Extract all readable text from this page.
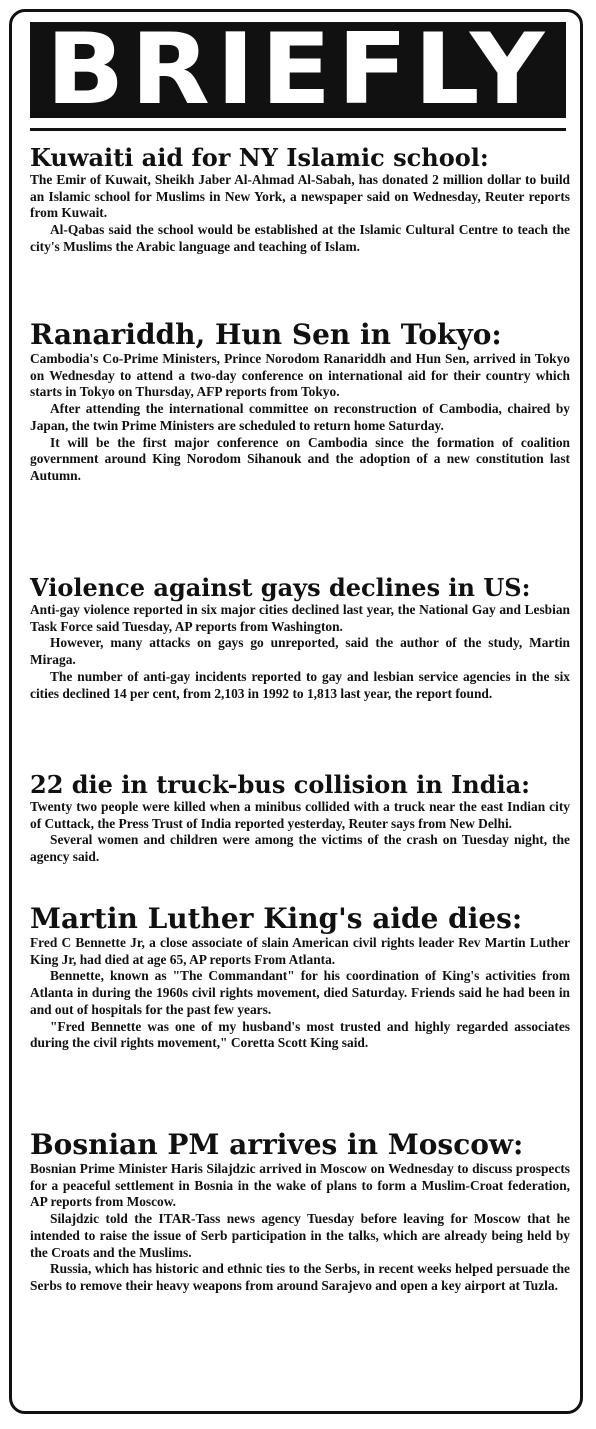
BRIEFLY
Kuwaiti aid for NY Islamic school:

The Emir of Kuwait, Sheikh Jaber Al-Ahmad Al-Sabah, has donated 2 million dollar to build an Islamic school for Muslims in New York, a newspaper said on Wednesday, Reuter reports from Kuwait.

Al-Qabas said the school would be established at the Islamic Cultural Centre to teach the city's Muslims the Arabic language and teaching of Islam.

Ranariddh, Hun Sen in Tokyo:

Cambodia's Co-Prime Ministers, Prince Norodom Ranariddh and Hun Sen, arrived in Tokyo on Wednesday to attend a two-day conference on international aid for their country which starts in Tokyo on Thursday, AFP reports from Tokyo.

After attending the international committee on reconstruction of Cambodia, chaired by Japan, the twin Prime Ministers are scheduled to return home Saturday.

It will be the first major conference on Cambodia since the formation of coalition government around King Norodom Sihanouk and the adoption of a new constitution last Autumn.

Violence against gays declines in US:

Anti-gay violence reported in six major cities declined last year, the National Gay and Lesbian Task Force said Tuesday, AP reports from Washington.

However, many attacks on gays go unreported, said the author of the study, Martin Miraga.

The number of anti-gay incidents reported to gay and lesbian service agencies in the six cities declined 14 per cent, from 2,103 in 1992 to 1,813 last year, the report found.

22 die in truck-bus collision in India:

Twenty two people were killed when a minibus collided with a truck near the east Indian city of Cuttack, the Press Trust of India reported yesterday, Reuter says from New Delhi.

Several women and children were among the victims of the crash on Tuesday night, the agency said.

Martin Luther King's aide dies:

Fred C Bennette Jr, a close associate of slain American civil rights leader Rev Martin Luther King Jr, had died at age 65, AP reports From Atlanta.

Bennette, known as "The Commandant" for his coordination of King's activities from Atlanta in during the 1960s civil rights movement, died Saturday. Friends said he had been in and out of hospitals for the past few years.

"Fred Bennette was one of my husband's most trusted and highly regarded associates during the civil rights movement," Coretta Scott King said.

Bosnian PM arrives in Moscow:

Bosnian Prime Minister Haris Silajdzic arrived in Moscow on Wednesday to discuss prospects for a peaceful settlement in Bosnia in the wake of plans to form a Muslim-Croat federation, AP reports from Moscow.

Silajdzic told the ITAR-Tass news agency Tuesday before leaving for Moscow that he intended to raise the issue of Serb participation in the talks, which are already being held by the Croats and the Muslims.

Russia, which has historic and ethnic ties to the Serbs, in recent weeks helped persuade the Serbs to remove their heavy weapons from around Sarajevo and open a key airport at Tuzla.
